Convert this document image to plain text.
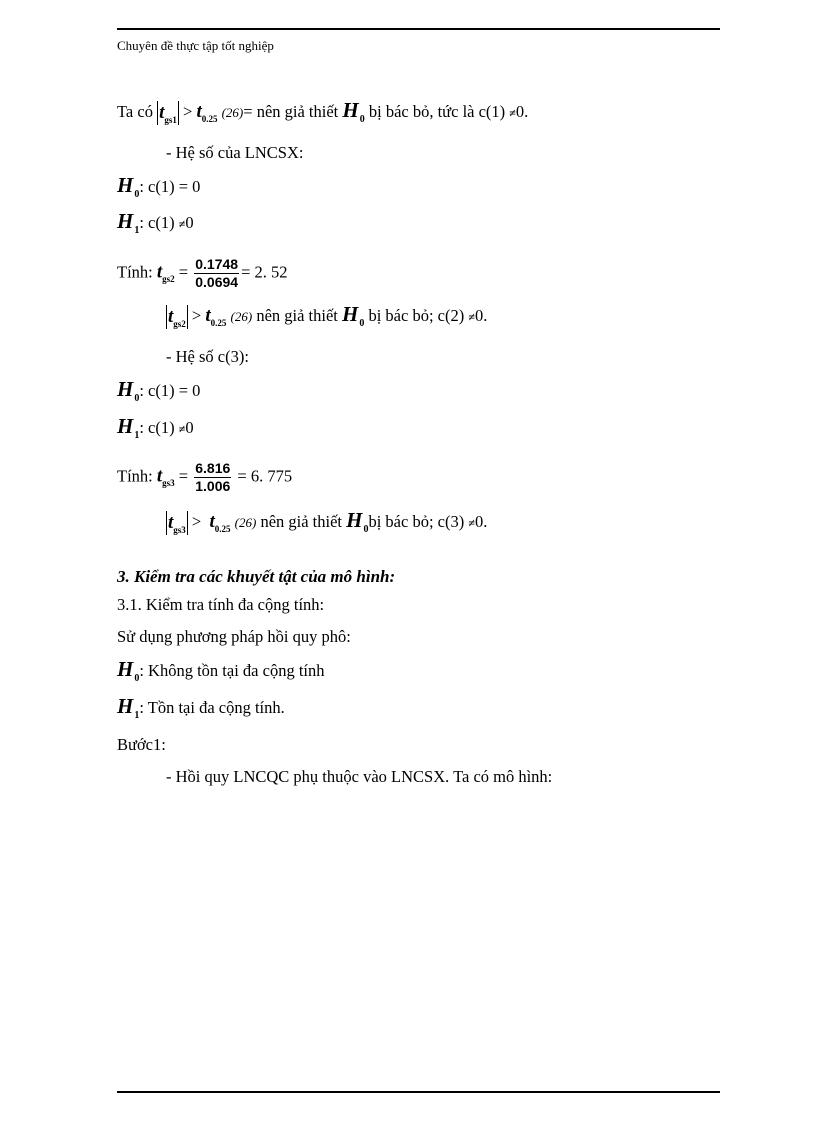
Chuyên đề thực tập tốt nghiệp
Ta có $t_{gs1} > t_{0.25}$ (26)= nên giả thiết $H_0$ bị bác bỏ, tức là c(1) ≠0.
- Hệ số của LNCSX:
$H_0$: c(1) = 0
$H_1$: c(1) ≠0
Tính: $t_{gs2} = \frac{0.1748}{0.0694} = 2$. 52
$t_{gs2} > t_{0.25}$ (26) nên giả thiết $H_0$ bị bác bỏ; c(2) ≠0.
- Hệ số c(3):
$H_0$: c(1) = 0
$H_1$: c(1) ≠0
Tính: $t_{gs3} = \frac{6.816}{1.006} = 6$. 775
$t_{gs3} > t_{0.25}$ (26) nên giả thiết $H_0bị$ bác bỏ; c(3) ≠0.
3. Kiểm tra các khuyết tật của mô hình:
3.1. Kiểm tra tính đa cộng tính:
Sử dụng phương pháp hồi quy phô:
$H_0$: Không tồn tại đa cộng tính
$H_1$: Tồn tại đa cộng tính.
Bước1:
- Hồi quy LNCQC phụ thuộc vào LNCSX. Ta có mô hình:
